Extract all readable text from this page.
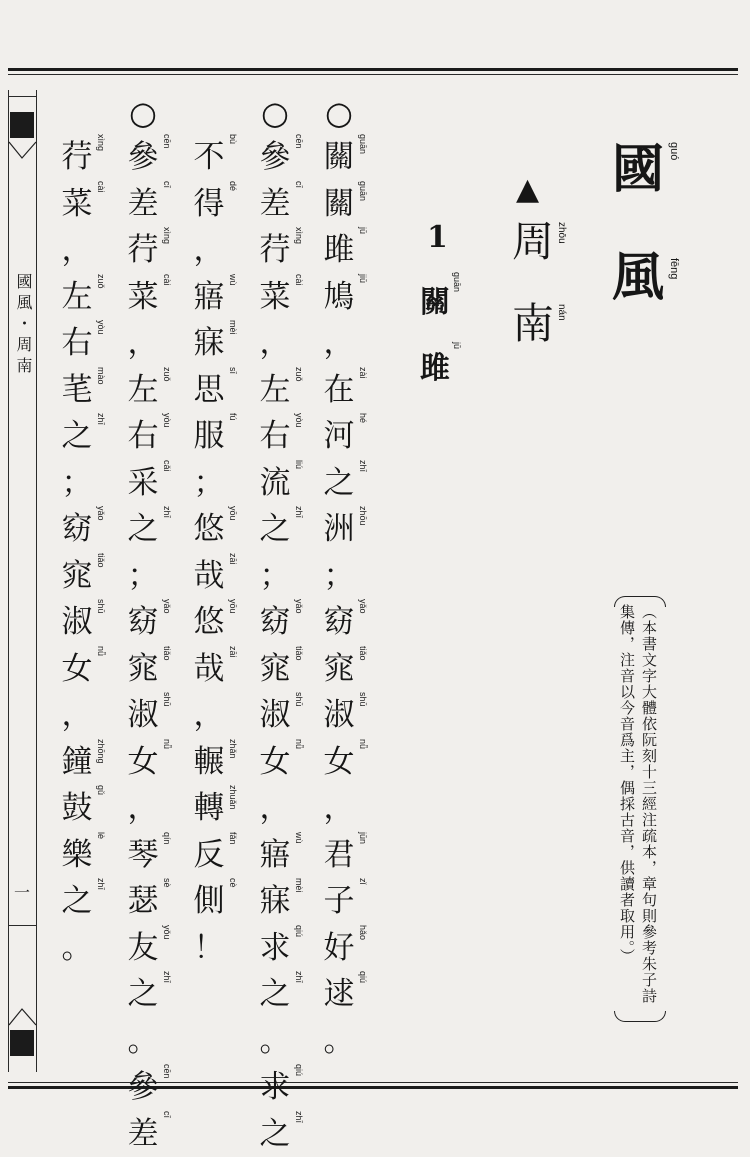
國風・周南
一
國 guó
風 fēng
▲
周 zhōu
南 nán
1
關
guān
雎
jū
（本書文字大體依阮刻十三經注疏本，章句則參考朱子詩集傳，注音以今音爲主，偶採古音，供讀者取用。）
○
關 guān
關 guān
雎
jū
鳩
jiū
，
在 zài
河 hé
之 zhī
洲 zhōu
；
窈 yǎo
窕 tiǎo
淑 shū
女 nǚ
，
君 jūn
子
zǐ
好 hǎo
逑 qiú
。
○
參 cēn
差
cī
荇 xìng
菜 cài
，
左 zuǒ
右 yòu
流
liú
之 zhī
；
窈 yǎo
窕 tiǎo
淑 shū
女 nǚ
，
寤 wù
寐 mèi
求 qiú
之 zhī
。
求 qiú
之 zhī
不 bù
得 dé
，
寤 wù
寐 mèi
思
sī
服
fú
；
悠 yōu
哉 zāi
悠 yōu
哉 zāi
，
輾 zhǎn
轉 zhuǎn
反 fǎn
側
cè
！
○
參 cēn
差
cī
荇 xìng
菜 cài
，
左 zuǒ
右 yòu
采 cǎi
之 zhī
；
窈 yǎo
窕 tiǎo
淑 shū
女 nǚ
，
琴 qín
瑟
sè
友 yǒu
之 zhī
。
參 cēn
差
cī
荇 xìng
菜 cài
，
左 zuǒ
右 yòu
芼 mào
之 zhī
；
窈 yǎo
窕 tiǎo
淑 shū
女 nǚ
，
鐘 zhōng
鼓 gǔ
樂
lè
之 zhī
。
